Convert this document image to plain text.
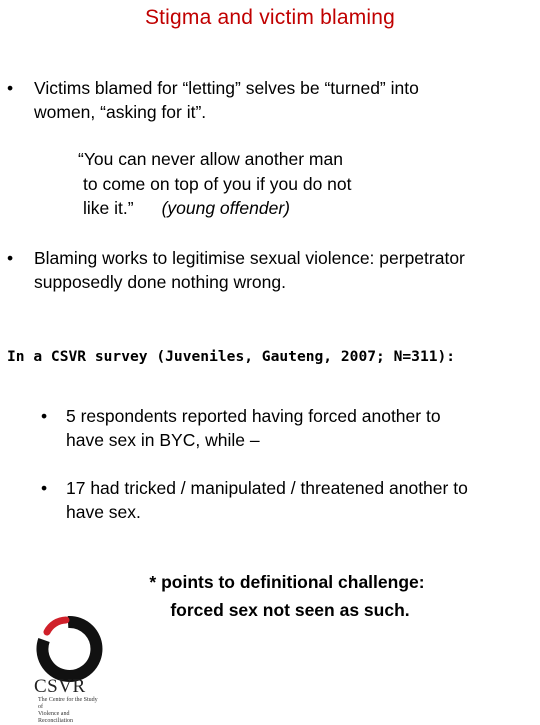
Stigma and victim blaming
• Victims blamed for “letting” selves be “turned” into
women, “asking for it”.
“You can never allow another man
to come on top of you if you do not
like it.” (young offender)
• Blaming works to legitimise sexual violence: perpetrator
supposedly done nothing wrong.
In a CSVR survey (Juveniles, Gauteng, 2007; N=311):
• 5 respondents reported having forced another to
have sex in BYC, while –
• 17 had tricked / manipulated / threatened another to
have sex.
* points to definitional challenge:
forced sex not seen as such.
CSVR
The Centre for the Study of
Violence and Reconciliation
